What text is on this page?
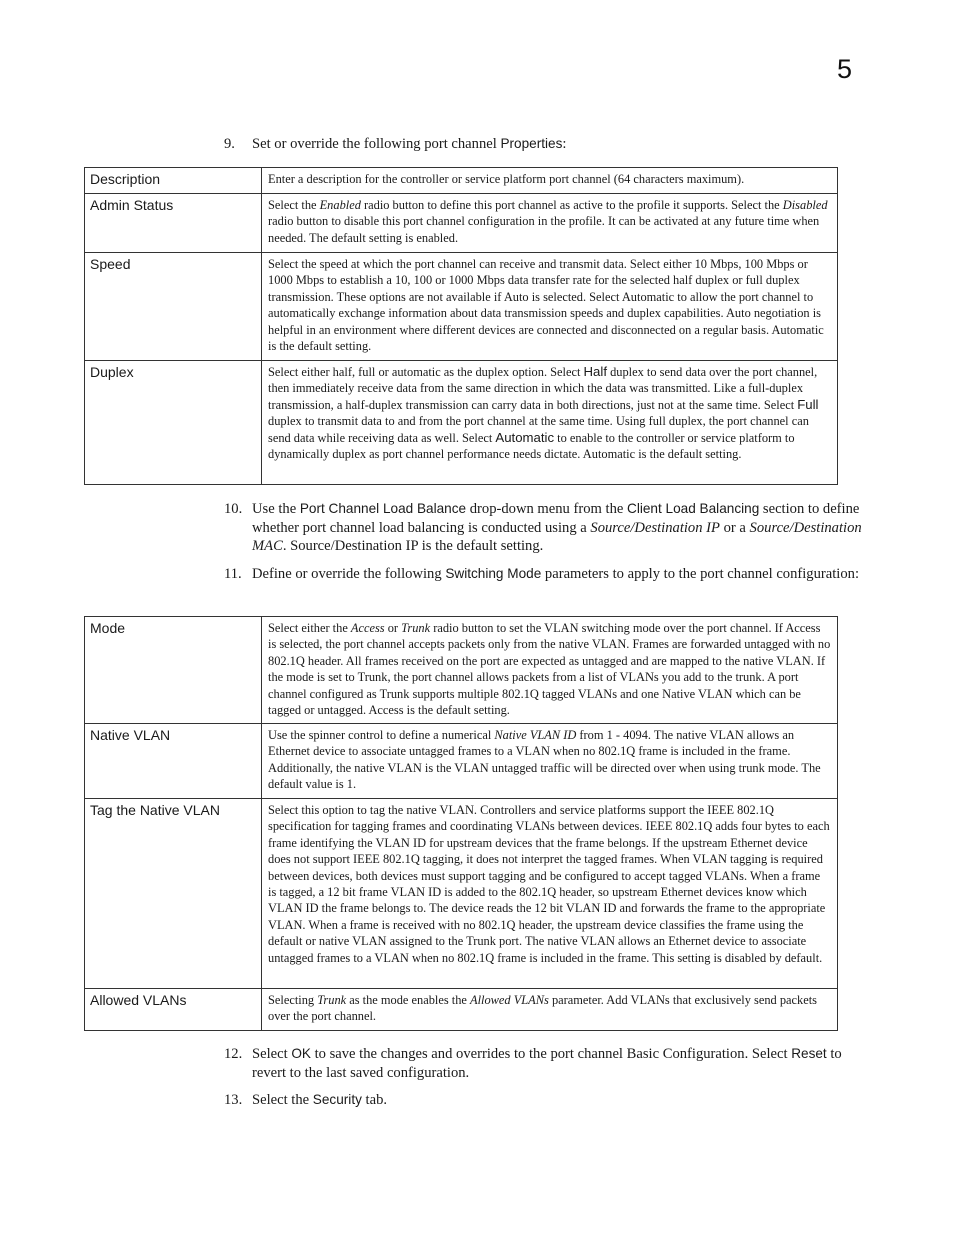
5
9.	Set or override the following port channel Properties:
Description	Enter a description for the controller or service platform port channel (64 characters maximum).
Admin Status	Select the Enabled radio button to define this port channel as active to the profile it supports. Select the Disabled radio button to disable this port channel configuration in the profile. It can be activated at any future time when needed. The default setting is enabled.
Speed	Select the speed at which the port channel can receive and transmit data. Select either 10 Mbps, 100 Mbps or 1000 Mbps to establish a 10, 100 or 1000 Mbps data transfer rate for the selected half duplex or full duplex transmission. These options are not available if Auto is selected. Select Automatic to allow the port channel to automatically exchange information about data transmission speeds and duplex capabilities. Auto negotiation is helpful in an environment where different devices are connected and disconnected on a regular basis. Automatic is the default setting.
Duplex	Select either half, full or automatic as the duplex option. Select Half duplex to send data over the port channel, then immediately receive data from the same direction in which the data was transmitted. Like a full-duplex transmission, a half-duplex transmission can carry data in both directions, just not at the same time. Select Full duplex to transmit data to and from the port channel at the same time. Using full duplex, the port channel can send data while receiving data as well. Select Automatic to enable to the controller or service platform to dynamically duplex as port channel performance needs dictate. Automatic is the default setting.
10. Use the Port Channel Load Balance drop-down menu from the Client Load Balancing section to define whether port channel load balancing is conducted using a Source/Destination IP or a Source/Destination MAC. Source/Destination IP is the default setting.
11. Define or override the following Switching Mode parameters to apply to the port channel configuration:
Mode	Select either the Access or Trunk radio button to set the VLAN switching mode over the port channel. If Access is selected, the port channel accepts packets only from the native VLAN. Frames are forwarded untagged with no 802.1Q header. All frames received on the port are expected as untagged and are mapped to the native VLAN. If the mode is set to Trunk, the port channel allows packets from a list of VLANs you add to the trunk. A port channel configured as Trunk supports multiple 802.1Q tagged VLANs and one Native VLAN which can be tagged or untagged. Access is the default setting.
Native VLAN	Use the spinner control to define a numerical Native VLAN ID from 1 - 4094. The native VLAN allows an Ethernet device to associate untagged frames to a VLAN when no 802.1Q frame is included in the frame. Additionally, the native VLAN is the VLAN untagged traffic will be directed over when using trunk mode. The default value is 1.
Tag the Native VLAN	Select this option to tag the native VLAN. Controllers and service platforms support the IEEE 802.1Q specification for tagging frames and coordinating VLANs between devices. IEEE 802.1Q adds four bytes to each frame identifying the VLAN ID for upstream devices that the frame belongs. If the upstream Ethernet device does not support IEEE 802.1Q tagging, it does not interpret the tagged frames. When VLAN tagging is required between devices, both devices must support tagging and be configured to accept tagged VLANs. When a frame is tagged, a 12 bit frame VLAN ID is added to the 802.1Q header, so upstream Ethernet devices know which VLAN ID the frame belongs to. The device reads the 12 bit VLAN ID and forwards the frame to the appropriate VLAN. When a frame is received with no 802.1Q header, the upstream device classifies the frame using the default or native VLAN assigned to the Trunk port. The native VLAN allows an Ethernet device to associate untagged frames to a VLAN when no 802.1Q frame is included in the frame. This setting is disabled by default.
Allowed VLANs	Selecting Trunk as the mode enables the Allowed VLANs parameter. Add VLANs that exclusively send packets over the port channel.
12. Select OK to save the changes and overrides to the port channel Basic Configuration. Select Reset to revert to the last saved configuration.
13. Select the Security tab.
